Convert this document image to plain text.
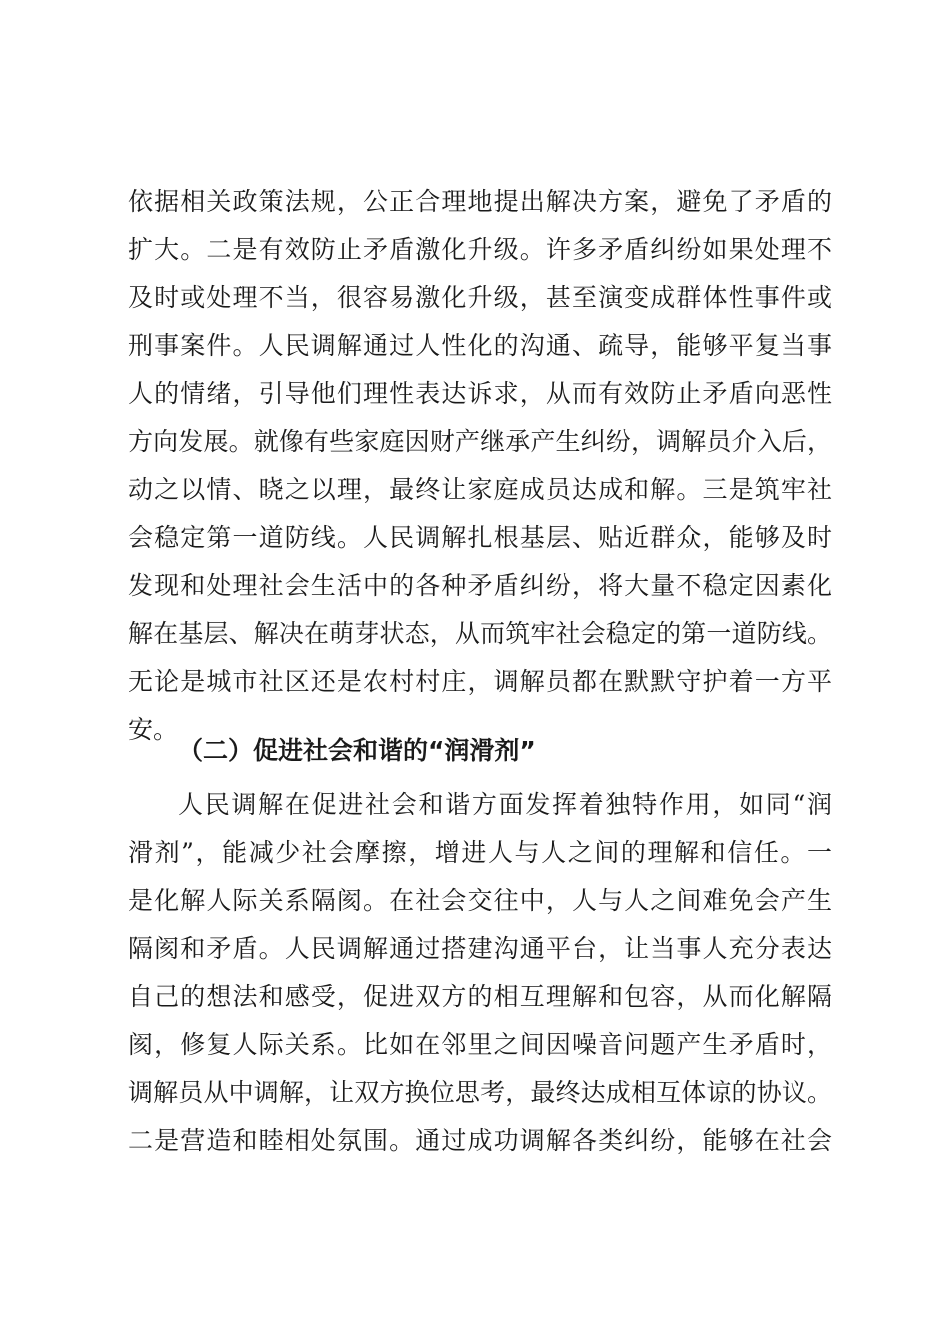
依据相关政策法规，公正合理地提出解决方案，避免了矛盾的
扩大。二是有效防止矛盾激化升级。许多矛盾纠纷如果处理不
及时或处理不当，很容易激化升级，甚至演变成群体性事件或
刑事案件。人民调解通过人性化的沟通、疏导，能够平复当事
人的情绪，引导他们理性表达诉求，从而有效防止矛盾向恶性
方向发展。就像有些家庭因财产继承产生纠纷，调解员介入后，
动之以情、晓之以理，最终让家庭成员达成和解。三是筑牢社
会稳定第一道防线。人民调解扎根基层、贴近群众，能够及时
发现和处理社会生活中的各种矛盾纠纷，将大量不稳定因素化
解在基层、解决在萌芽状态，从而筑牢社会稳定的第一道防线。
无论是城市社区还是农村村庄，调解员都在默默守护着一方平
安。
（二）促进社会和谐的“润滑剂”
人民调解在促进社会和谐方面发挥着独特作用，如同“润
滑剂”，能减少社会摩擦，增进人与人之间的理解和信任。一
是化解人际关系隔阂。在社会交往中，人与人之间难免会产生
隔阂和矛盾。人民调解通过搭建沟通平台，让当事人充分表达
自己的想法和感受，促进双方的相互理解和包容，从而化解隔
阂，修复人际关系。比如在邻里之间因噪音问题产生矛盾时，
调解员从中调解，让双方换位思考，最终达成相互体谅的协议。
二是营造和睦相处氛围。通过成功调解各类纠纷，能够在社会
